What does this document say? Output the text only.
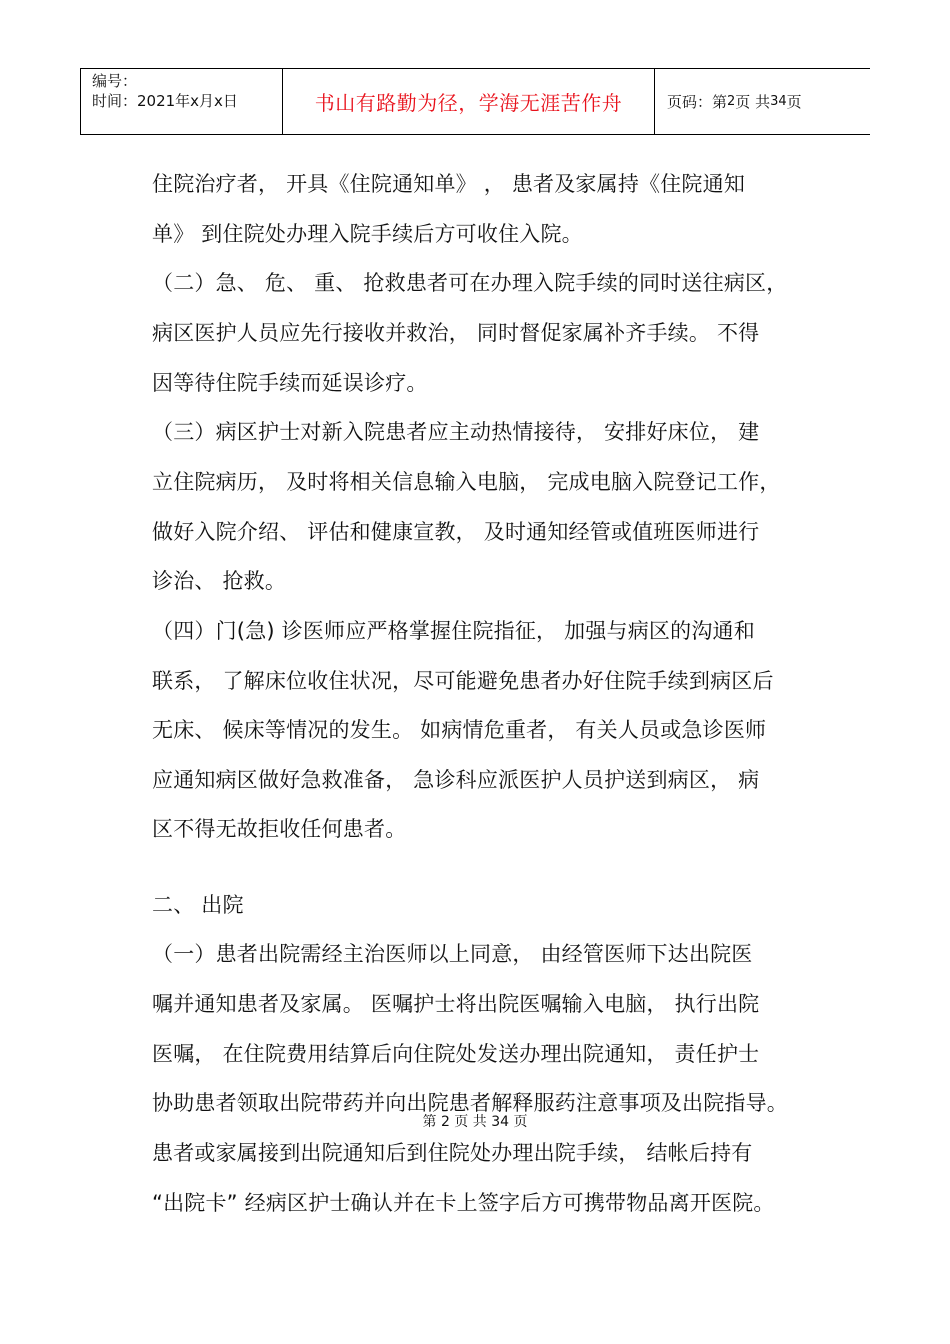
编号：
时间：2021年x月x日	书山有路勤为径，学海无涯苦作舟	页码：第 2 页 共 34 页
住院治疗者， 开具《住院通知单》 ， 患者及家属持《住院通知
单》 到住院处办理入院手续后方可收住入院。
（二）急、 危、 重、 抢救患者可在办理入院手续的同时送往病区，
病区医护人员应先行接收并救治， 同时督促家属补齐手续。 不得
因等待住院手续而延误诊疗。
（三）病区护士对新入院患者应主动热情接待， 安排好床位， 建
立住院病历， 及时将相关信息输入电脑， 完成电脑入院登记工作，
做好入院介绍、 评估和健康宣教， 及时通知经管或值班医师进行
诊治、 抢救。
（四）门(急) 诊医师应严格掌握住院指征， 加强与病区的沟通和
联系， 了解床位收住状况，尽可能避免患者办好住院手续到病区后
无床、 候床等情况的发生。 如病情危重者， 有关人员或急诊医师
应通知病区做好急救准备， 急诊科应派医护人员护送到病区， 病
区不得无故拒收任何患者。
二、 出院
（一）患者出院需经主治医师以上同意， 由经管医师下达出院医
嘱并通知患者及家属。 医嘱护士将出院医嘱输入电脑， 执行出院
医嘱， 在住院费用结算后向住院处发送办理出院通知， 责任护士
协助患者领取出院带药并向出院患者解释服药注意事项及出院指导。
患者或家属接到出院通知后到住院处办理出院手续， 结帐后持有
“出院卡” 经病区护士确认并在卡上签字后方可携带物品离开医院。
第 2 页 共 34 页
